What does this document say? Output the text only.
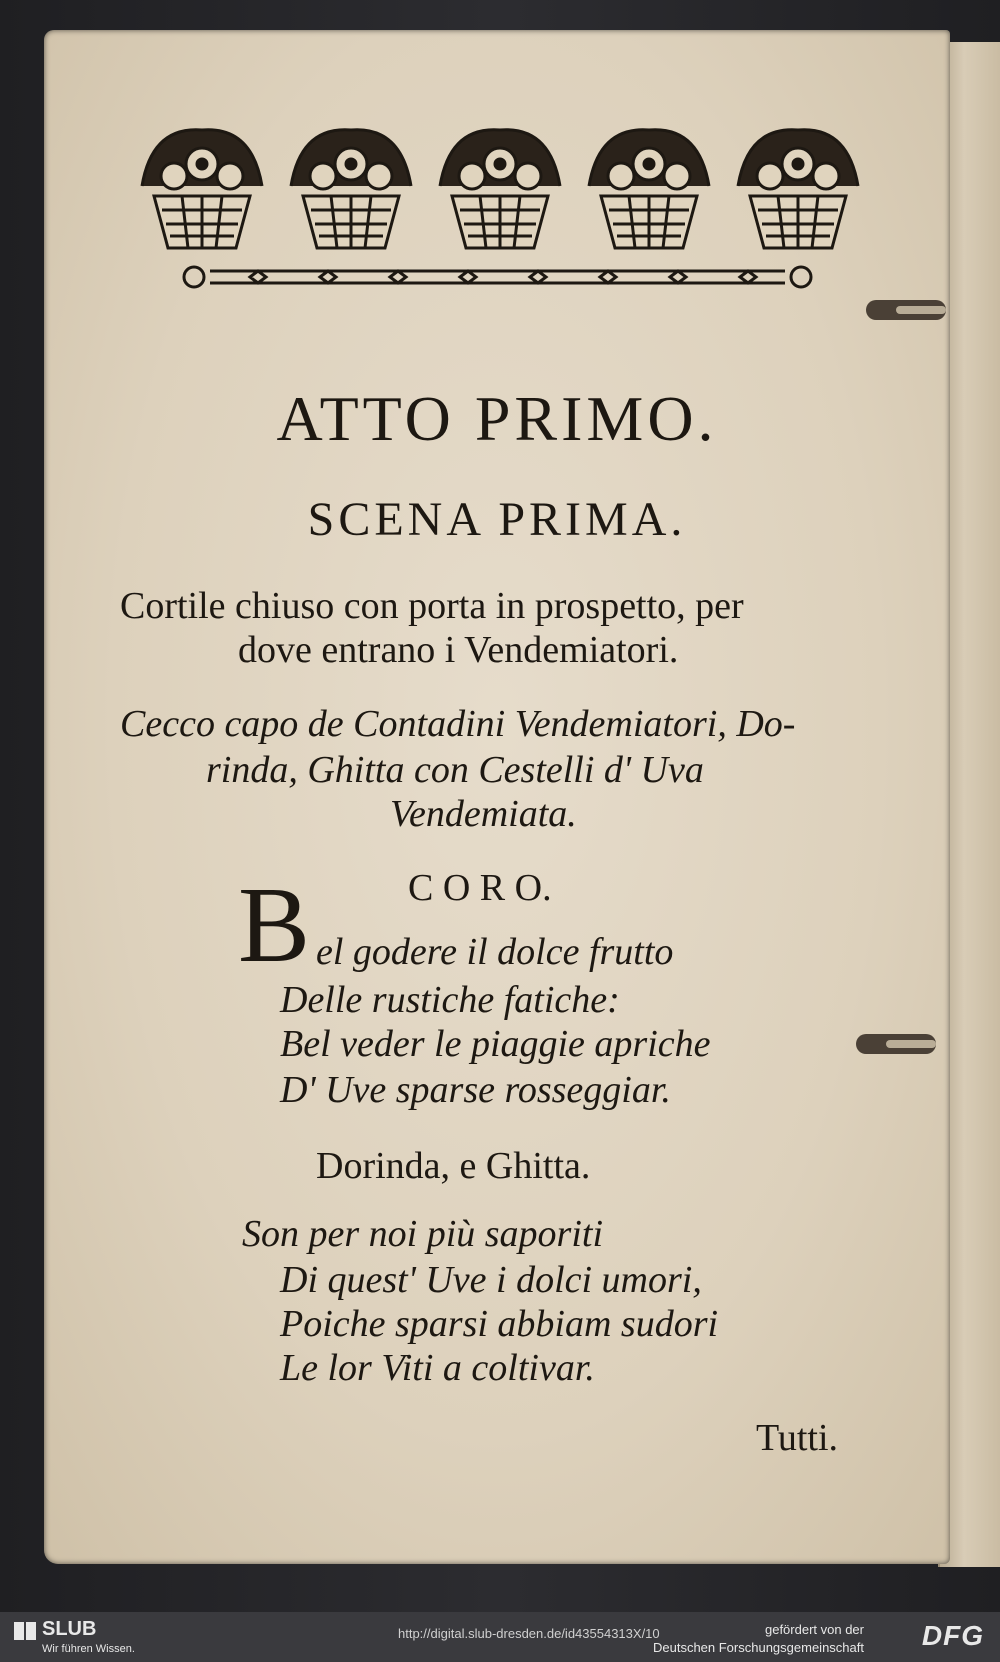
ATTO PRIMO.
SCENA PRIMA.
Cortile chiuso con porta in prospetto, per
dove entrano i Vendemiatori.
Cecco capo de Contadini Vendemiatori, Do-
rinda, Ghitta con Cestelli d' Uva
Vendemiata.
C O R O.
B el godere il dolce frutto
Delle rustiche fatiche:
Bel veder le piaggie apriche
D' Uve sparse rosseggiar.
Dorinda, e Ghitta.
Son per noi più saporiti
Di quest' Uve i dolci umori,
Poiche sparsi abbiam sudori
Le lor Viti a coltivar.
Tutti.
SLUB
Wir führen Wissen.
http://digital.slub-dresden.de/id43554313X/10	gefördert von der
Deutschen Forschungsgemeinschaft DFG
